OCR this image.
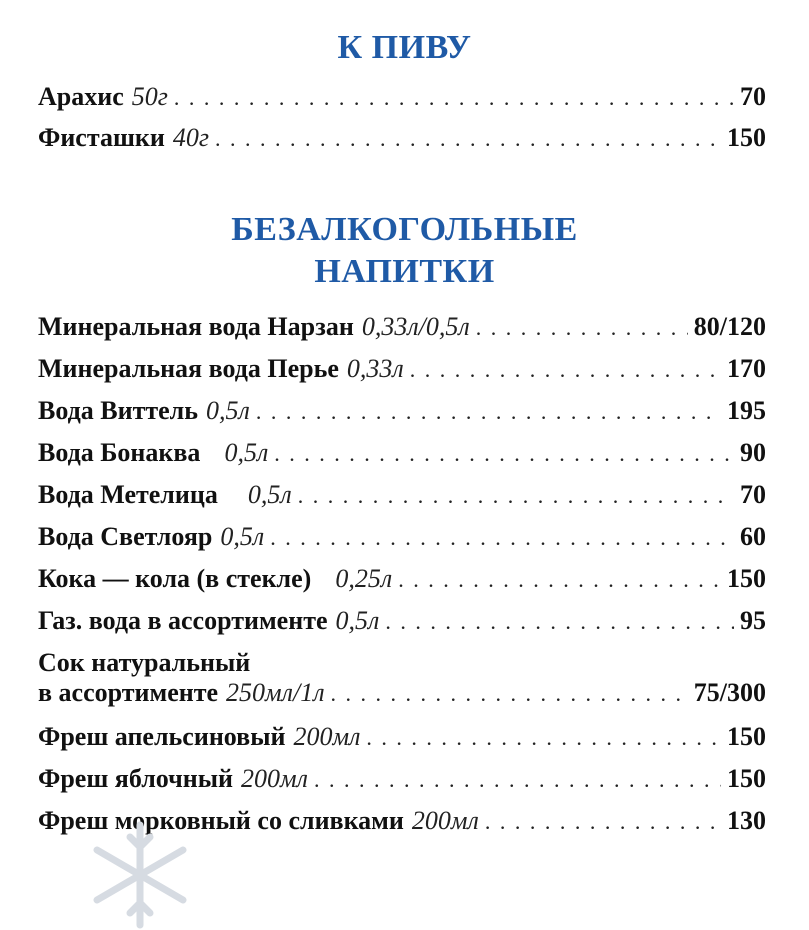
К ПИВУ
Арахис 50г . . .	70
Фисташки 40г . . .	150
БЕЗАЛКОГОЛЬНЫЕ
НАПИТКИ
Минеральная вода Нарзан 0,33л/0,5л . . .	80/120
Минеральная вода Перье 0,33л . . .	170
Вода Виттель 0,5л . . .	195
Вода Бонаква 0,5л . . .	90
Вода Метелица 0,5л . . .	70
Вода Светлояр 0,5л . . .	60
Кока — кола (в стекле) 0,25л . . .	150
Газ. вода в ассортименте 0,5л . . .	95
Сок натуральный
в ассортименте 250мл/1л . . .	75/300
Фреш апельсиновый 200мл . . .	150
Фреш яблочный 200мл . . .	150
Фреш морковный со сливками 200мл . . .	130
